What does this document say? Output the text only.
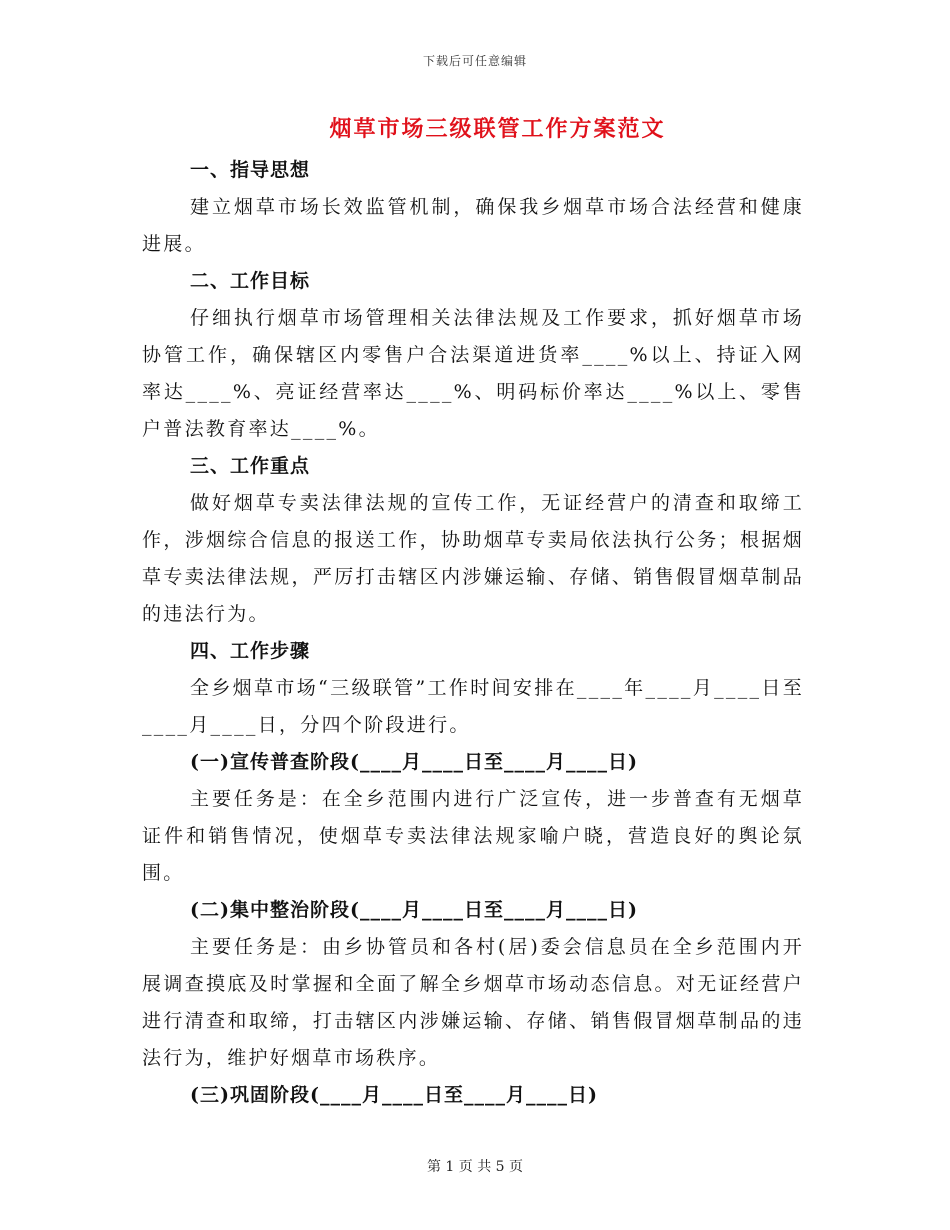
下载后可任意编辑
烟草市场三级联管工作方案范文
一、指导思想
建立烟草市场长效监管机制，确保我乡烟草市场合法经营和健康进展。
二、工作目标
仔细执行烟草市场管理相关法律法规及工作要求，抓好烟草市场协管工作，确保辖区内零售户合法渠道进货率____%以上、持证入网率达____%、亮证经营率达____%、明码标价率达____%以上、零售户普法教育率达____%。
三、工作重点
做好烟草专卖法律法规的宣传工作，无证经营户的清查和取缔工作，涉烟综合信息的报送工作，协助烟草专卖局依法执行公务；根据烟草专卖法律法规，严厉打击辖区内涉嫌运输、存储、销售假冒烟草制品的违法行为。
四、工作步骤
全乡烟草市场“三级联管”工作时间安排在____年____月____日至____月____日，分四个阶段进行。
(一)宣传普查阶段(____月____日至____月____日)
主要任务是：在全乡范围内进行广泛宣传，进一步普查有无烟草证件和销售情况，使烟草专卖法律法规家喻户晓，营造良好的舆论氛围。
(二)集中整治阶段(____月____日至____月____日)
主要任务是：由乡协管员和各村(居)委会信息员在全乡范围内开展调查摸底及时掌握和全面了解全乡烟草市场动态信息。对无证经营户进行清查和取缔，打击辖区内涉嫌运输、存储、销售假冒烟草制品的违法行为，维护好烟草市场秩序。
(三)巩固阶段(____月____日至____月____日)
第 1 页 共 5 页
